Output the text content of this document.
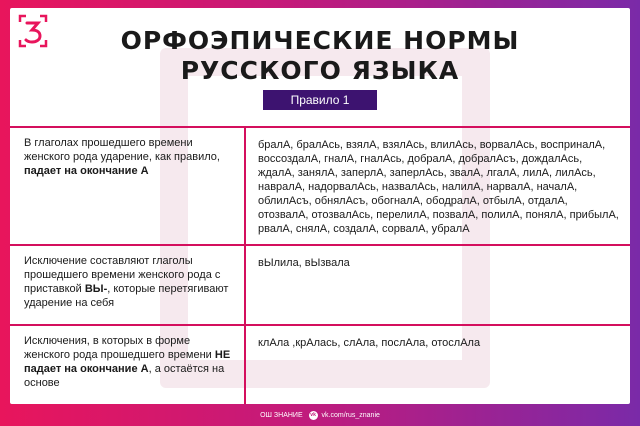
ОРФОЭПИЧЕСКИЕ НОРМЫ
РУССКОГО ЯЗЫКА
Правило 1
В глаголах прошедшего времени женского рода ударение, как правило, падает на окончание А	бралА, бралАсь, взялА, взялАсь, влилАсь, ворвалАсь, восприналА, воссоздалА, гналА, гналАсь, добралА, добралАсъ, дождалАсь, ждалА, занялА, заперлА, заперлАсь, звалА, лгалА, лилА, лилАсь, навралА, надорвалАсь, назвалАсь, налилА, нарвалА, началА, облилАсъ, обнялАсъ, обогналА, ободралА, отбылА, отдалА, отозвалА, отозвалАсь, перелилА, позвалА, полилА, понялА, прибылА, рвалА, снялА, создалА, сорвалА, убралА
Исключение составляют глаголы прошедшего времени женского рода с приставкой ВЫ-, которые перетягивают ударение на себя	вЫлила, вЫзвала
Исключения, в которых в форме женского рода прошедшего времени НЕ падает на окончание А, а остаётся на основе	клАла ,крАлась, слАла, послАла, отослАла
ОШ ЗНАНИЕ vk vk.com/rus_znanie
